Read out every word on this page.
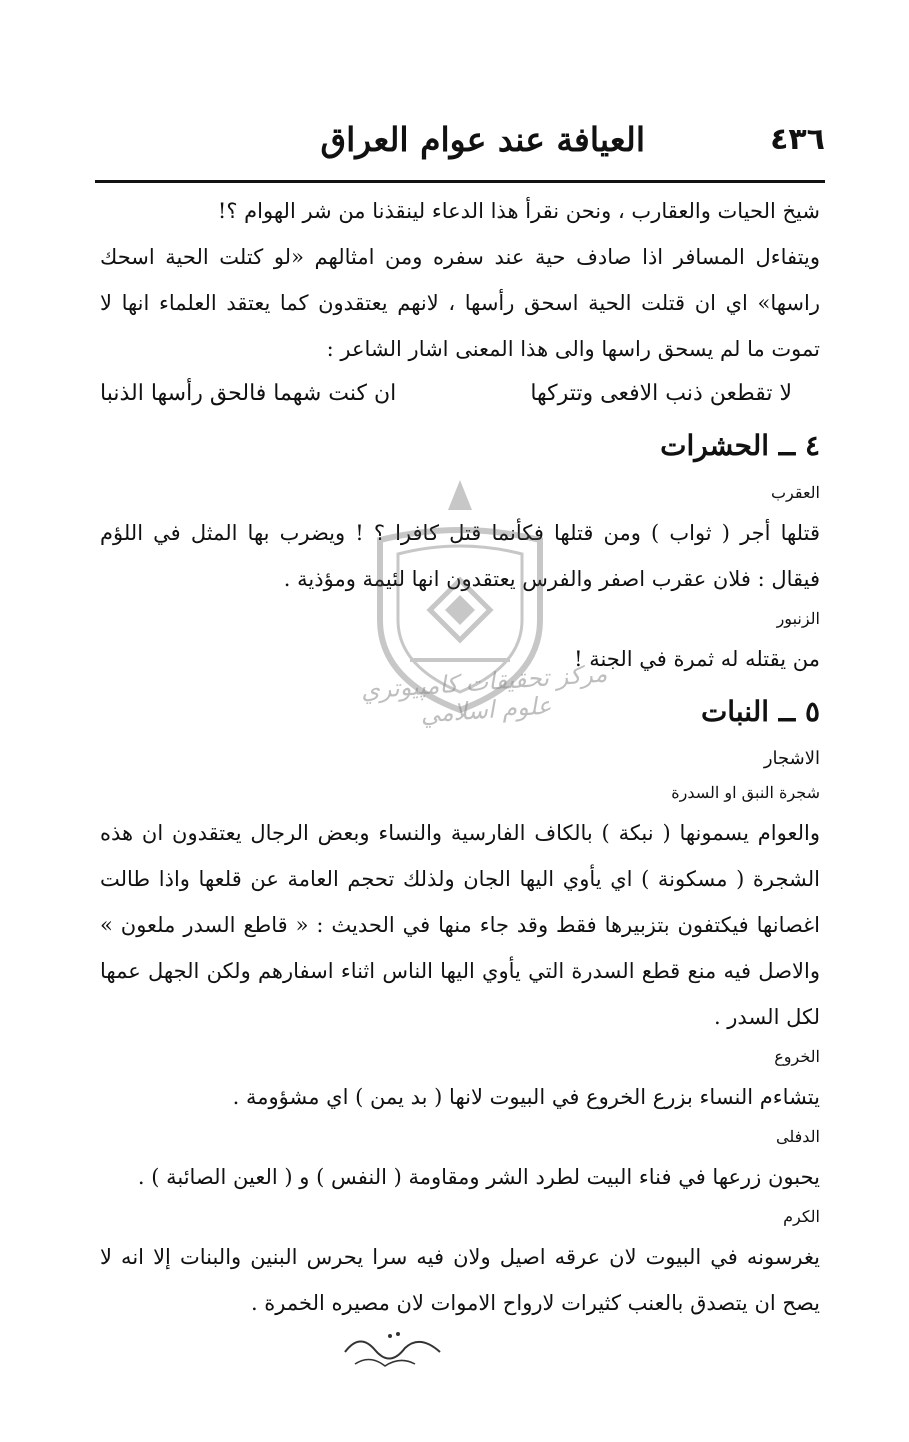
٤٣٦
العيافة عند عوام العراق

شيخ الحيات والعقارب ، ونحن نقرأ هذا الدعاء لينقذنا من شر الهوام ؟!

ويتفاءل المسافر اذا صادف حية عند سفره ومن امثالهم «لو كتلت الحية اسحك راسها» اي ان قتلت الحية اسحق رأسها ، لانهم يعتقدون كما يعتقد العلماء انها لا تموت ما لم يسحق راسها والى هذا المعنى اشار الشاعر :

لا تقطعن ذنب الافعى وتتركها
ان كنت شهما فالحق رأسها الذنبا

٤ ــ الحشرات

العقرب

قتلها أجر ( ثواب ) ومن قتلها فكأنما قتل كافرا ؟ ! ويضرب بها المثل في اللؤم فيقال : فلان عقرب اصفر والفرس يعتقدون انها لئيمة ومؤذية .

الزنبور

من يقتله له ثمرة في الجنة !

٥ ــ النبات

الاشجار

شجرة النبق او السدرة

والعوام يسمونها ( نبكة ) بالكاف الفارسية والنساء وبعض الرجال يعتقدون ان هذه الشجرة ( مسكونة ) اي يأوي اليها الجان ولذلك تحجم العامة عن قلعها واذا طالت اغصانها فيكتفون بتزبيرها فقط وقد جاء منها في الحديث : « قاطع السدر ملعون » والاصل فيه منع قطع السدرة التي يأوي اليها الناس اثناء اسفارهم ولكن الجهل عمها لكل السدر .

الخروع

يتشاءم النساء بزرع الخروع في البيوت لانها ( بد يمن ) اي مشؤومة .

الدفلى

يحبون زرعها في فناء البيت لطرد الشر ومقاومة ( النفس ) و ( العين الصائبة ) .

الكرم

يغرسونه في البيوت لان عرقه اصيل ولان فيه سرا يحرس البنين والبنات إلا انه لا يصح ان يتصدق بالعنب كثيرات لارواح الاموات لان مصيره الخمرة .

مركز تحقيقات كامپيوتري علوم اسلامي
